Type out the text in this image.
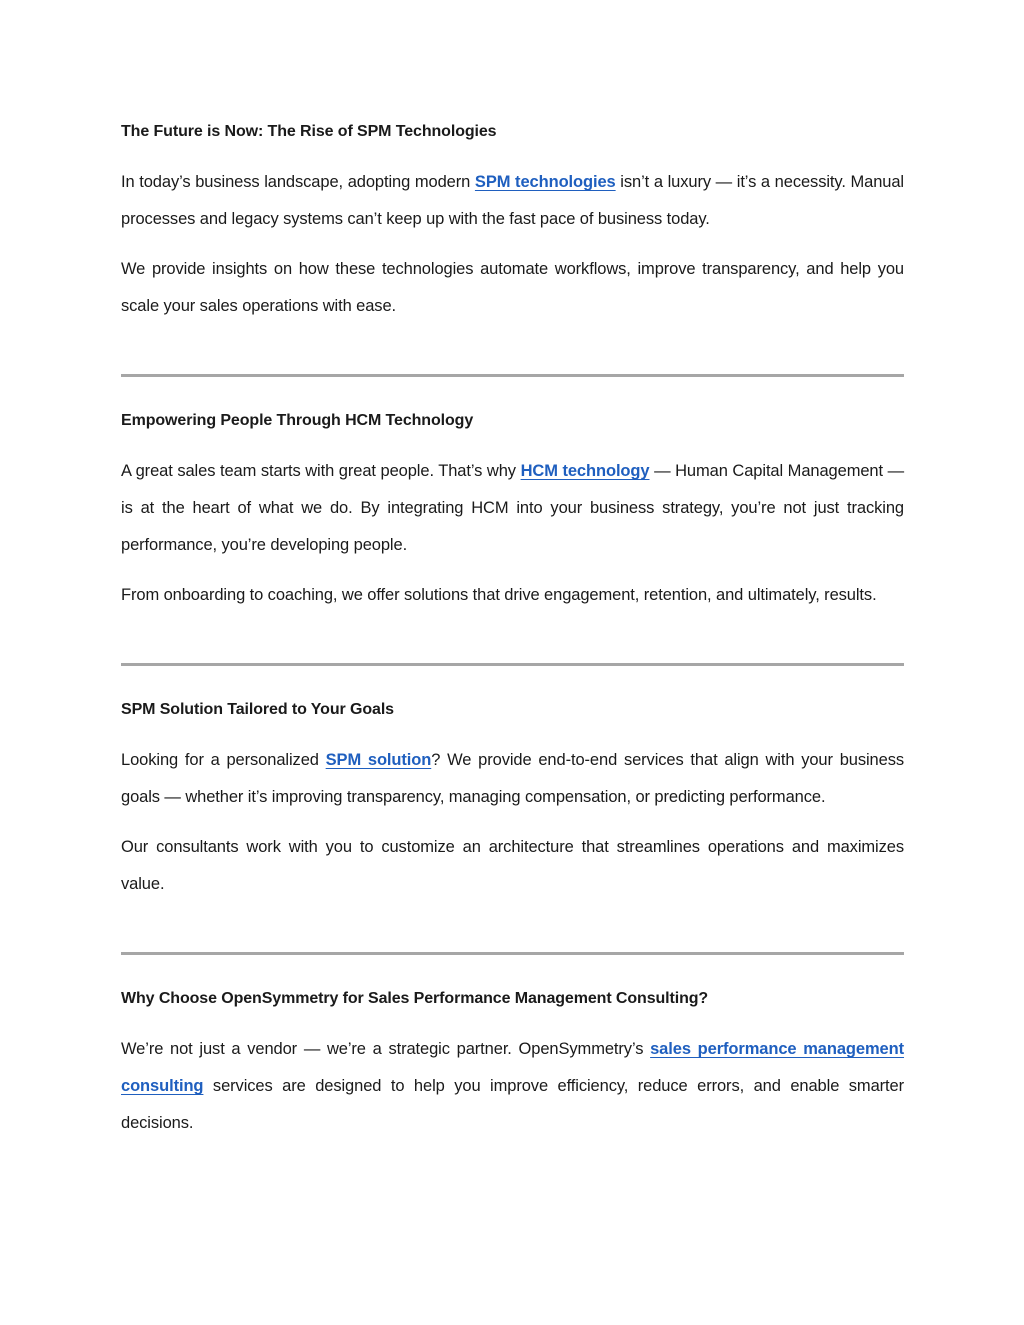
The Future is Now: The Rise of SPM Technologies

In today’s business landscape, adopting modern SPM technologies isn’t a luxury — it’s a necessity. Manual processes and legacy systems can’t keep up with the fast pace of business today.

We provide insights on how these technologies automate workflows, improve transparency, and help you scale your sales operations with ease.

Empowering People Through HCM Technology

A great sales team starts with great people. That’s why HCM technology — Human Capital Management — is at the heart of what we do. By integrating HCM into your business strategy, you’re not just tracking performance, you’re developing people.

From onboarding to coaching, we offer solutions that drive engagement, retention, and ultimately, results.

SPM Solution Tailored to Your Goals

Looking for a personalized SPM solution? We provide end-to-end services that align with your business goals — whether it’s improving transparency, managing compensation, or predicting performance.

Our consultants work with you to customize an architecture that streamlines operations and maximizes value.

Why Choose OpenSymmetry for Sales Performance Management Consulting?

We’re not just a vendor — we’re a strategic partner. OpenSymmetry’s sales performance management consulting services are designed to help you improve efficiency, reduce errors, and enable smarter decisions.
